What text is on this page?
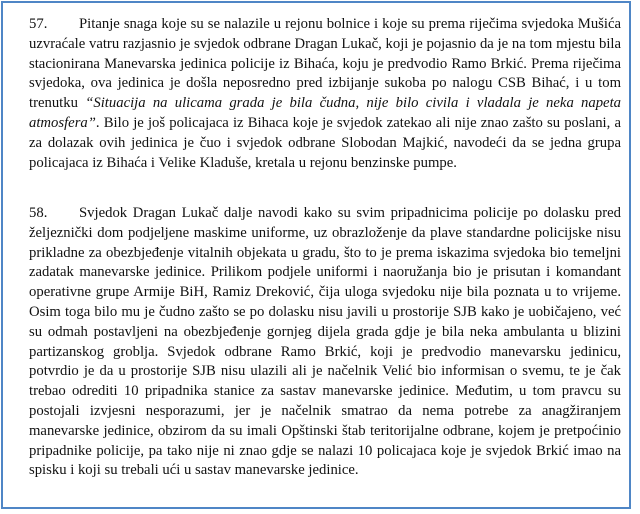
57. Pitanje snaga koje su se nalazile u rejonu bolnice i koje su prema riječima svjedoka Mušića uzvraćale vatru razjasnio je svjedok odbrane Dragan Lukač, koji je pojasnio da je na tom mjestu bila stacionirana Manevarska jedinica policije iz Bihaća, koju je predvodio Ramo Brkić. Prema riječima svjedoka, ova jedinica je došla neposredno pred izbijanje sukoba po nalogu CSB Bihać, i u tom trenutku “Situacija na ulicama grada je bila čudna, nije bilo civila i vladala je neka napeta atmosfera”. Bilo je još policajaca iz Bihaca koje je svjedok zatekao ali nije znao zašto su poslani, a za dolazak ovih jedinica je čuo i svjedok odbrane Slobodan Majkić, navodeći da se jedna grupa policajaca iz Bihaća i Velike Kladuše, kretala u rejonu benzinske pumpe.

58. Svjedok Dragan Lukač dalje navodi kako su svim pripadnicima policije po dolasku pred željeznički dom podjeljene maskime uniforme, uz obrazloženje da plave standardne policijske nisu prikladne za obezbjeđenje vitalnih objekata u gradu, što to je prema iskazima svjedoka bio temeljni zadatak manevarske jedinice. Prilikom podjele uniformi i naoružanja bio je prisutan i komandant operativne grupe Armije BiH, Ramiz Dreković, čija uloga svjedoku nije bila poznata u to vrijeme. Osim toga bilo mu je čudno zašto se po dolasku nisu javili u prostorije SJB kako je uobičajeno, već su odmah postavljeni na obezbjeđenje gornjeg dijela grada gdje je bila neka ambulanta u blizini partizanskog groblja. Svjedok odbrane Ramo Brkić, koji je predvodio manevarsku jedinicu, potvrdio je da u prostorije SJB nisu ulazili ali je načelnik Velić bio informisan o svemu, te je čak trebao odrediti 10 pripadnika stanice za sastav manevarske jedinice. Međutim, u tom pravcu su postojali izvjesni nesporazumi, jer je načelnik smatrao da nema potrebe za anagžiranjem manevarske jedinice, obzirom da su imali Opštinski štab teritorijalne odbrane, kojem je pretpoćinio pripadnike policije, pa tako nije ni znao gdje se nalazi 10 policajaca koje je svjedok Brkić imao na spisku i koji su trebali ući u sastav manevarske jedinice.
